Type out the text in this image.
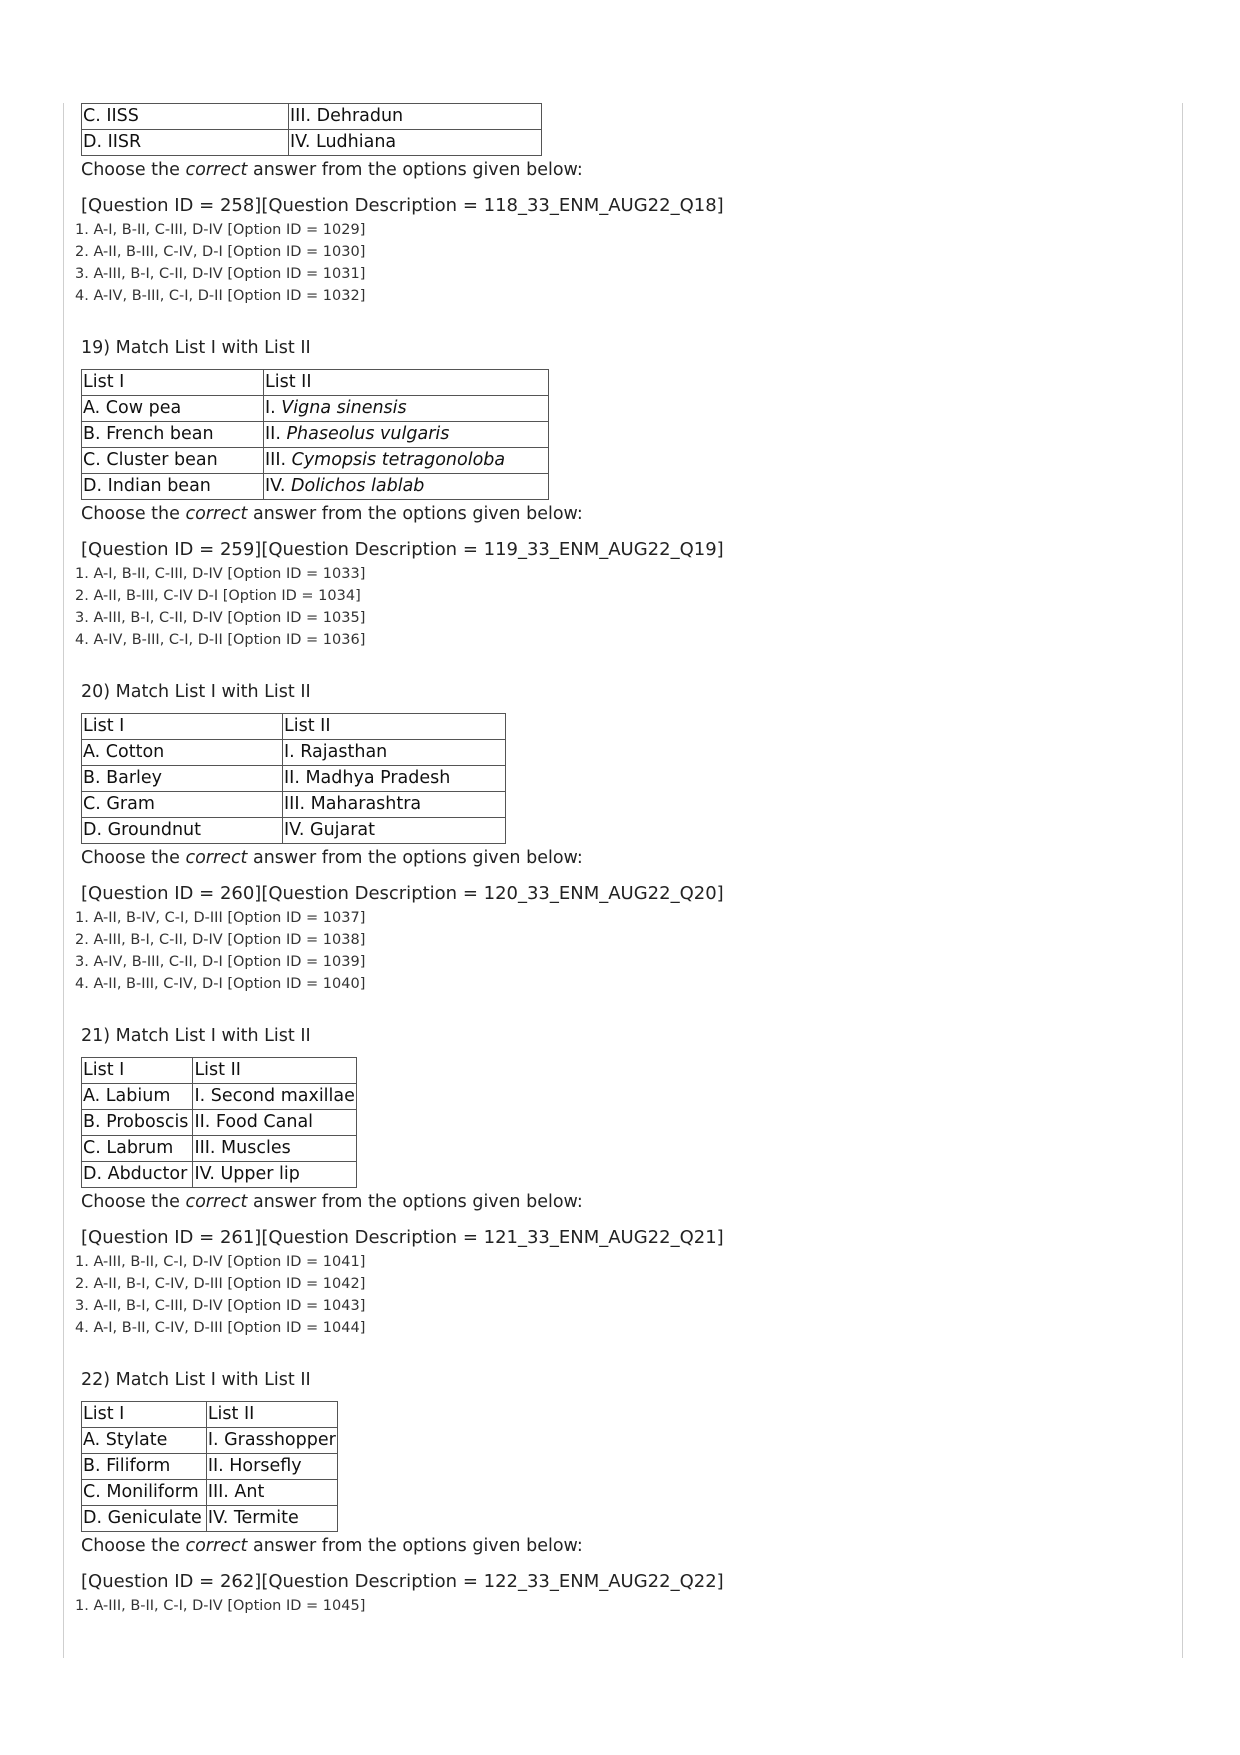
C. IISS	III. Dehradun
D. IISR	IV. Ludhiana
Choose the correct answer from the options given below:
[Question ID = 258][Question Description = 118_33_ENM_AUG22_Q18]
1. A-I, B-II, C-III, D-IV [Option ID = 1029]
2. A-II, B-III, C-IV, D-I [Option ID = 1030]
3. A-III, B-I, C-II, D-IV [Option ID = 1031]
4. A-IV, B-III, C-I, D-II [Option ID = 1032]
19) Match List I with List II
List I	List II
A. Cow pea	I. Vigna sinensis
B. French bean	II. Phaseolus vulgaris
C. Cluster bean	III. Cymopsis tetragonoloba
D. Indian bean	IV. Dolichos lablab
Choose the correct answer from the options given below:
[Question ID = 259][Question Description = 119_33_ENM_AUG22_Q19]
1. A-I, B-II, C-III, D-IV [Option ID = 1033]
2. A-II, B-III, C-IV D-I [Option ID = 1034]
3. A-III, B-I, C-II, D-IV [Option ID = 1035]
4. A-IV, B-III, C-I, D-II [Option ID = 1036]
20) Match List I with List II
List I	List II
A. Cotton	I. Rajasthan
B. Barley	II. Madhya Pradesh
C. Gram	III. Maharashtra
D. Groundnut	IV. Gujarat
Choose the correct answer from the options given below:
[Question ID = 260][Question Description = 120_33_ENM_AUG22_Q20]
1. A-II, B-IV, C-I, D-III [Option ID = 1037]
2. A-III, B-I, C-II, D-IV [Option ID = 1038]
3. A-IV, B-III, C-II, D-I [Option ID = 1039]
4. A-II, B-III, C-IV, D-I [Option ID = 1040]
21) Match List I with List II
List I	List II
A. Labium	I. Second maxillae
B. Proboscis	II. Food Canal
C. Labrum	III. Muscles
D. Abductor	IV. Upper lip
Choose the correct answer from the options given below:
[Question ID = 261][Question Description = 121_33_ENM_AUG22_Q21]
1. A-III, B-II, C-I, D-IV [Option ID = 1041]
2. A-II, B-I, C-IV, D-III [Option ID = 1042]
3. A-II, B-I, C-III, D-IV [Option ID = 1043]
4. A-I, B-II, C-IV, D-III [Option ID = 1044]
22) Match List I with List II
List I	List II
A. Stylate	I. Grasshopper
B. Filiform	II. Horsefly
C. Moniliform	III. Ant
D. Geniculate	IV. Termite
Choose the correct answer from the options given below:
[Question ID = 262][Question Description = 122_33_ENM_AUG22_Q22]
1. A-III, B-II, C-I, D-IV [Option ID = 1045]
